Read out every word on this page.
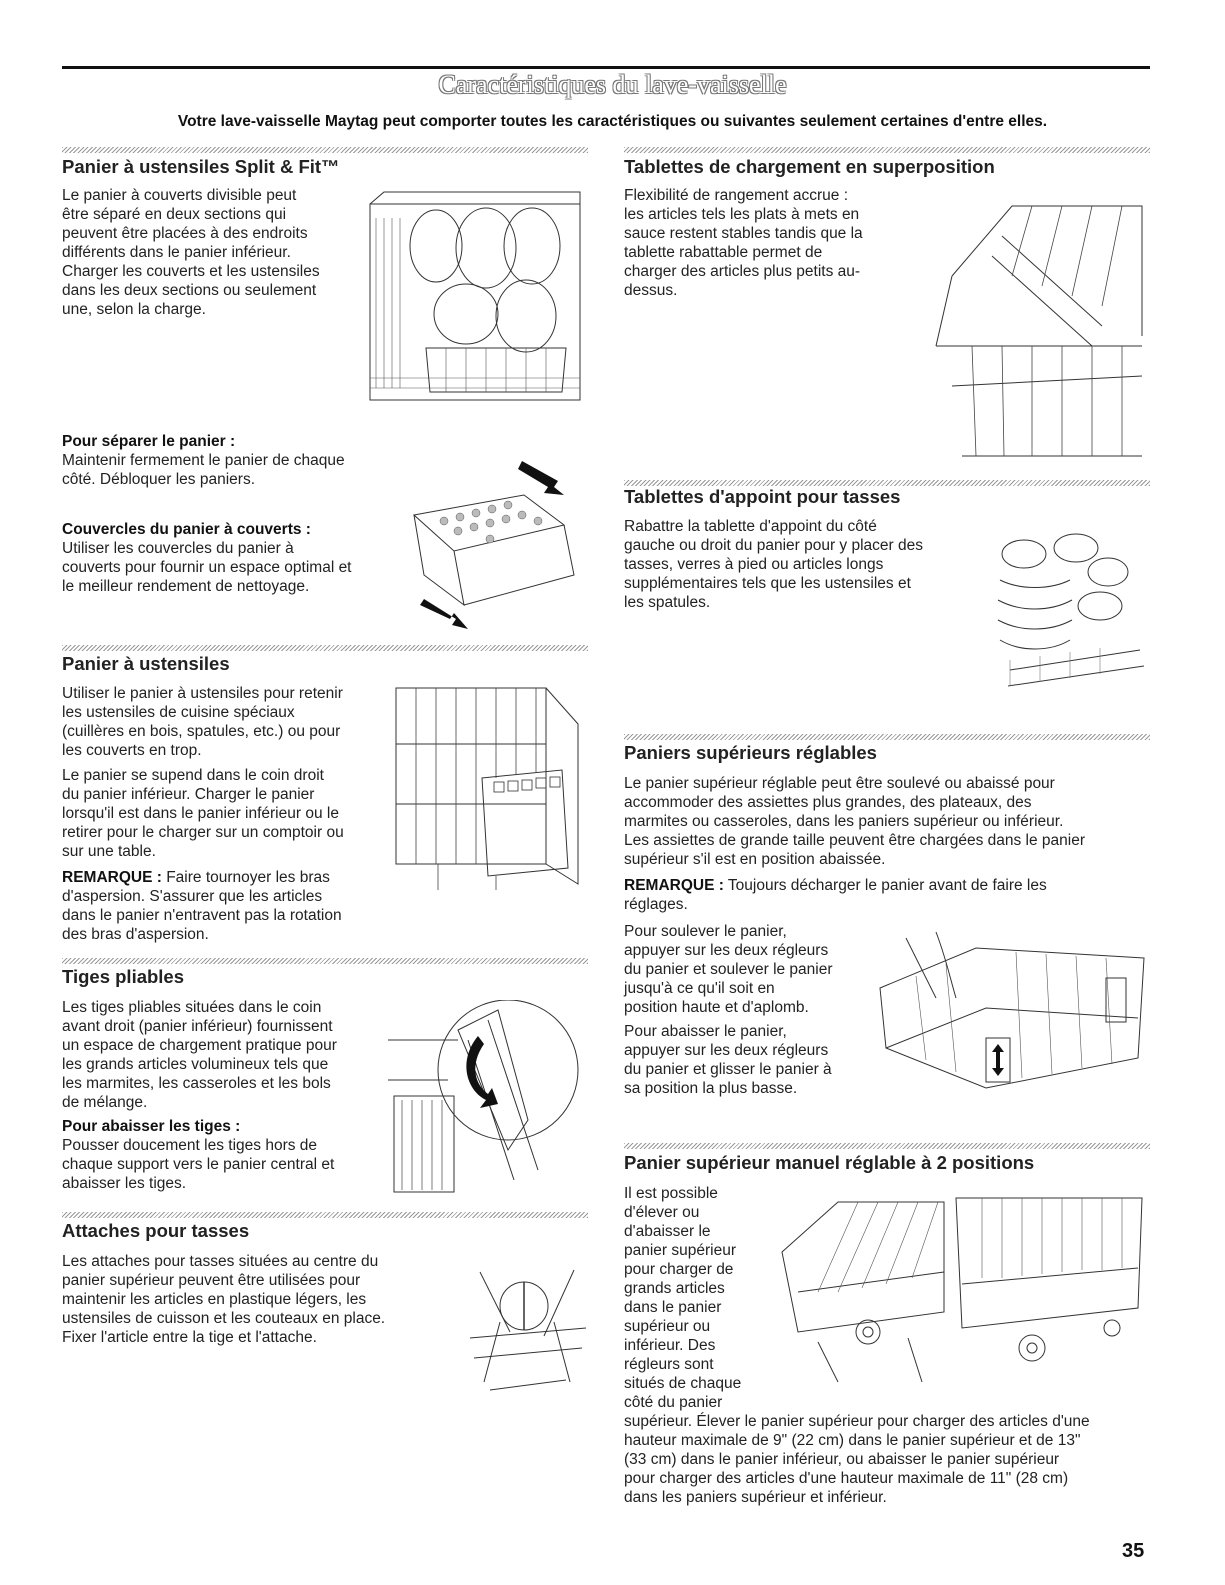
Caractéristiques du lave-vaisselle
Votre lave-vaisselle Maytag peut comporter toutes les caractéristiques ou suivantes seulement certaines d'entre elles.
Panier à ustensiles Split & Fit™
Le panier à couverts divisible peut
être séparé en deux sections qui
peuvent être placées à des endroits
différents dans le panier inférieur.
Charger les couverts et les ustensiles
dans les deux sections ou seulement
une, selon la charge.
Pour séparer le panier :
Maintenir fermement le panier de chaque
côté. Débloquer les paniers.
Couvercles du panier à couverts :
Utiliser les couvercles du panier à
couverts pour fournir un espace optimal et
le meilleur rendement de nettoyage.
Panier à ustensiles
Utiliser le panier à ustensiles pour retenir
les ustensiles de cuisine spéciaux
(cuillères en bois, spatules, etc.) ou pour
les couverts en trop.
Le panier se supend dans le coin droit
du panier inférieur. Charger le panier
lorsqu'il est dans le panier inférieur ou le
retirer pour le charger sur un comptoir ou
sur une table.
REMARQUE : Faire tournoyer les bras
d'aspersion. S'assurer que les articles
dans le panier n'entravent pas la rotation
des bras d'aspersion.
Tiges pliables
Les tiges pliables situées dans le coin
avant droit (panier inférieur) fournissent
un espace de chargement pratique pour
les grands articles volumineux tels que
les marmites, les casseroles et les bols
de mélange.
Pour abaisser les tiges :
Pousser doucement les tiges hors de
chaque support vers le panier central et
abaisser les tiges.
Attaches pour tasses
Les attaches pour tasses situées au centre du
panier supérieur peuvent être utilisées pour
maintenir les articles en plastique légers, les
ustensiles de cuisson et les couteaux en place.
Fixer l'article entre la tige et l'attache.
Tablettes de chargement en superposition
Flexibilité de rangement accrue :
les articles tels les plats à mets en
sauce restent stables tandis que la
tablette rabattable permet de
charger des articles plus petits au-
dessus.
Tablettes d'appoint pour tasses
Rabattre la tablette d'appoint du côté
gauche ou droit du panier pour y placer des
tasses, verres à pied ou articles longs
supplémentaires tels que les ustensiles et
les spatules.
Paniers supérieurs réglables
Le panier supérieur réglable peut être soulevé ou abaissé pour
accommoder des assiettes plus grandes, des plateaux, des
marmites ou casseroles, dans les paniers supérieur ou inférieur.
Les assiettes de grande taille peuvent être chargées dans le panier
supérieur s'il est en position abaissée.
REMARQUE : Toujours décharger le panier avant de faire les
réglages.
Pour soulever le panier,
appuyer sur les deux régleurs
du panier et soulever le panier
jusqu'à ce qu'il soit en
position haute et d'aplomb.
Pour abaisser le panier,
appuyer sur les deux régleurs
du panier et glisser le panier à
sa position la plus basse.
Panier supérieur manuel réglable à 2 positions
Il est possible
d'élever ou
d'abaisser le
panier supérieur
pour charger de
grands articles
dans le panier
supérieur ou
inférieur. Des
régleurs sont
situés de chaque
côté du panier
supérieur. Élever le panier supérieur pour charger des articles d'une
hauteur maximale de 9" (22 cm) dans le panier supérieur et de 13"
(33 cm) dans le panier inférieur, ou abaisser le panier supérieur
pour charger des articles d'une hauteur maximale de 11" (28 cm)
dans les paniers supérieur et inférieur.
35
